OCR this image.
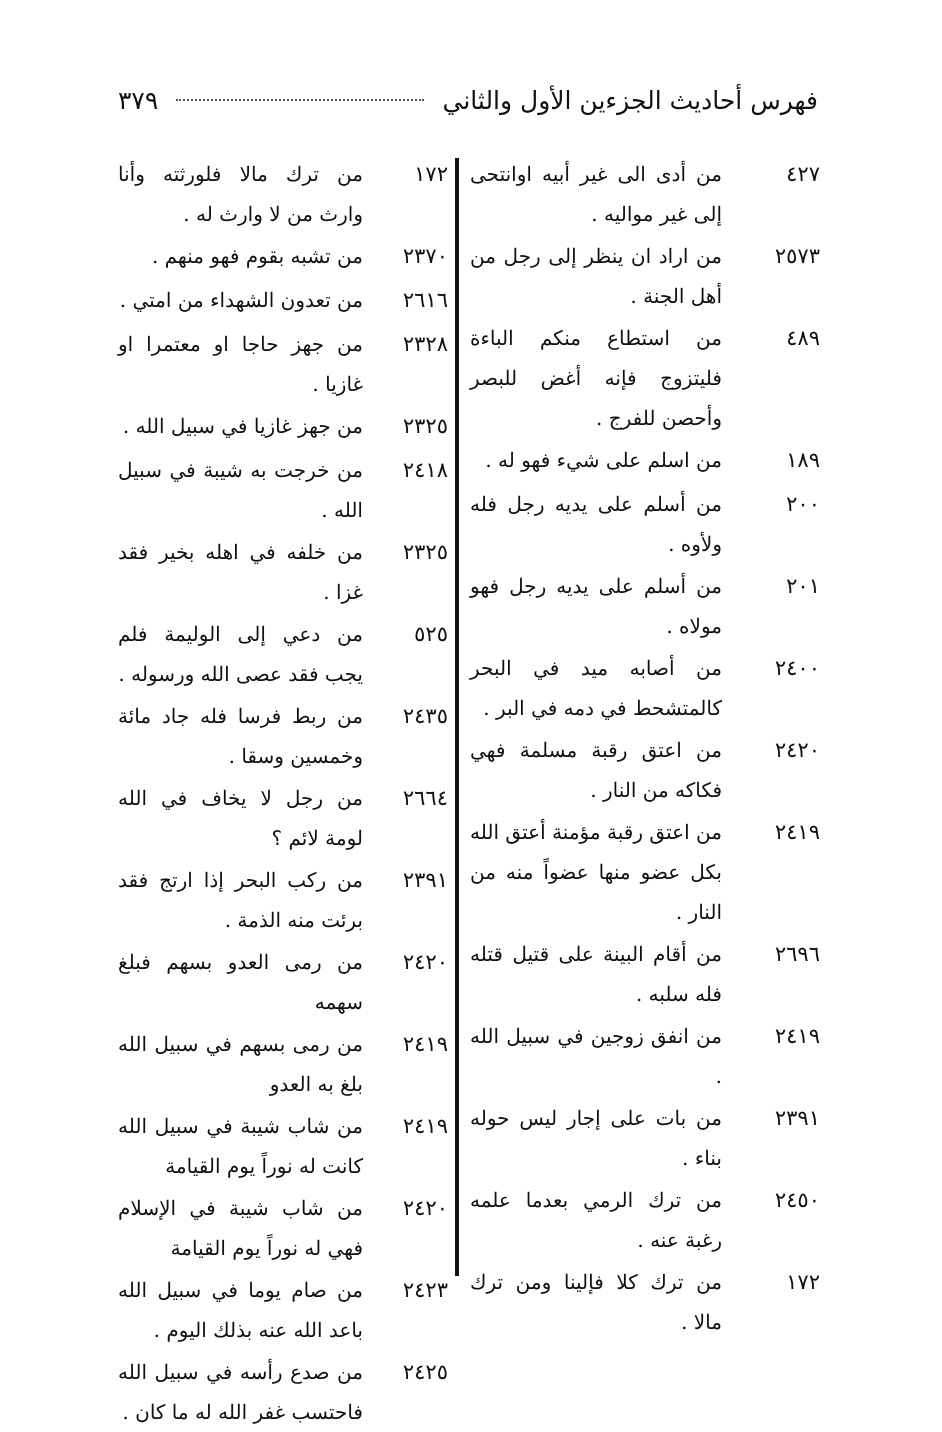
فهرس أحاديث الجزءين الأول والثاني
٣٧٩
٤٢٧
من أدى الى غير أبيه اوانتحى إلى غير مواليه .
٢٥٧٣
من اراد ان ينظر إلى رجل من أهل الجنة .
٤٨٩
من استطاع منكم الباءة فليتزوج فإنه أغض للبصر وأحصن للفرج .
١٨٩
من اسلم على شيء فهو له .
٢٠٠
من أسلم على يديه رجل فله ولأوه .
٢٠١
من أسلم على يديه رجل فهو مولاه .
٢٤٠٠
من أصابه ميد في البحر كالمتشحط في دمه في البر .
٢٤٢٠
من اعتق رقبة مسلمة فهي فكاكه من النار .
٢٤١٩
من اعتق رقبة مؤمنة أعتق الله بكل عضو منها عضواً منه من النار .
٢٦٩٦
من أقام البينة على قتيل قتله فله سلبه .
٢٤١٩
من انفق زوجين في سبيل الله .
٢٣٩١
من بات على إجار ليس حوله بناء .
٢٤٥٠
من ترك الرمي بعدما علمه رغبة عنه .
١٧٢
من ترك كلا فإلينا ومن ترك مالا .
١٧٢
من ترك مالا فلورثته وأنا وارث من لا وارث له .
٢٣٧٠
من تشبه بقوم فهو منهم .
٢٦١٦
من تعدون الشهداء من امتي .
٢٣٢٨
من جهز حاجا او معتمرا او غازيا .
٢٣٢٥
من جهز غازيا في سبيل الله .
٢٤١٨
من خرجت به شيبة في سبيل الله .
٢٣٢٥
من خلفه في اهله بخير فقد غزا .
٥٢٥
من دعي إلى الوليمة فلم يجب فقد عصى الله ورسوله .
٢٤٣٥
من ربط فرسا فله جاد مائة وخمسين وسقا .
٢٦٦٤
من رجل لا يخاف في الله لومة لائم ؟
٢٣٩١
من ركب البحر إذا ارتج فقد برئت منه الذمة .
٢٤٢٠
من رمى العدو بسهم فبلغ سهمه
٢٤١٩
من رمى بسهم في سبيل الله بلغ به العدو
٢٤١٩
من شاب شيبة في سبيل الله كانت له نوراً يوم القيامة
٢٤٢٠
من شاب شيبة في الإسلام فهي له نوراً يوم القيامة
٢٤٢٣
من صام يوما في سبيل الله باعد الله عنه بذلك اليوم .
٢٤٢٥
من صدع رأسه في سبيل الله فاحتسب غفر الله له ما كان .
